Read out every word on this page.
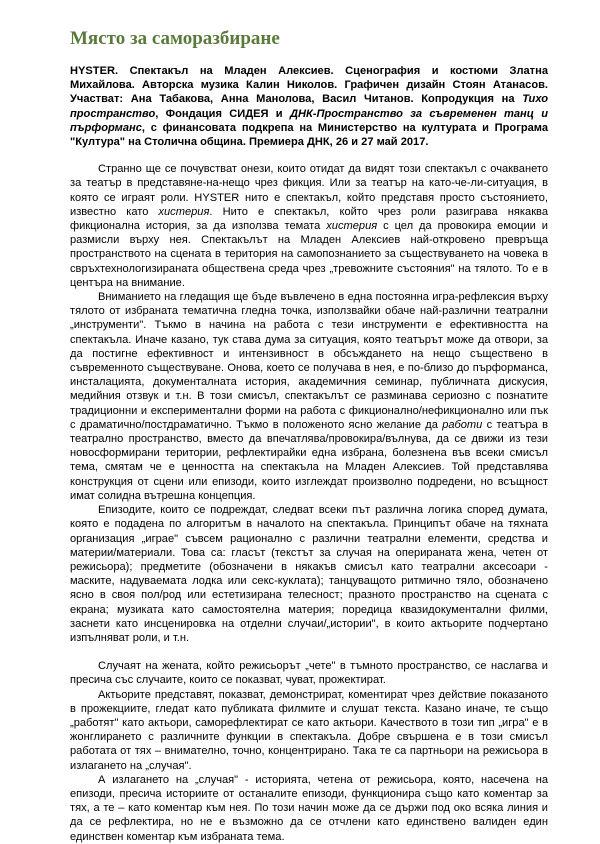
Място за саморазбиране

HYSTER. Спектакъл на Младен Алексиев. Сценография и костюми Златна Михайлова. Авторска музика Калин Николов. Графичен дизайн Стоян Атанасов. Участват: Ана Табакова, Анна Манолова, Васил Читанов. Копродукция на Тихо пространство, Фондация СИДЕЯ и ДНК-Пространство за съвременен танц и пърформанс, с финансовата подкрепа на Министерство на културата и Програма "Култура" на Столична община. Премиера ДНК, 26 и 27 май 2017.

Странно ще се почувстват онези, които отидат да видят този спектакъл с очакването за театър в представяне-на-нещо чрез фикция. Или за театър на като-че-ли-ситуация, в която се играят роли. HYSTER нито е спектакъл, който представя просто състоянието, известно като хистерия. Нито е спектакъл, който чрез роли разиграва някаква фикционална история, за да използва темата хистерия с цел да провокира емоции и размисли върху нея. Спектакълът на Младен Алексиев най-откровено превръща пространството на сцената в територия на самопознанието за съществуването на човека в свръхтехнологизираната обществена среда чрез „тревожните състояния" на тялото. То е в центъра на внимание.

Вниманието на гледащия ще бъде въвлечено в една постоянна игра-рефлексия върху тялото от избраната тематична гледна точка, използвайки обаче най-различни театрални „инструменти". Тъкмо в начина на работа с тези инструменти е ефективността на спектакъла. Иначе казано, тук става дума за ситуация, която театърът може да отвори, за да постигне ефективност и интензивност в обсъждането на нещо съществено в съвременното съществуване. Онова, което се получава в нея, е по-близо до пърформанса, инсталацията, документалната история, академичния семинар, публичната дискусия, медийния отзвук и т.н. В този смисъл, спектакълът се разминава сериозно с познатите традиционни и експериментални форми на работа с фикционално/нефикционално или пък с драматично/постдраматично. Тъкмо в положеното ясно желание да работи с театъра в театрално пространство, вместо да впечатлява/провокира/вълнува, да се движи из тези новосформирани територии, рефлектирайки една избрана, болезнена във всеки смисъл тема, смятам че е ценността на спектакъла на Младен Алексиев. Той представлява конструкция от сцени или епизоди, които изглеждат произволно подредени, но всъщност имат солидна вътрешна концепция.

Епизодите, които се подреждат, следват всеки път различна логика според думата, която е подадена по алгоритъм в началото на спектакъла. Принципът обаче на тяхната организация „играе" съвсем рационално с различни театрални елементи, средства и материи/материали. Това са: гласът (текстът за случая на оперираната жена, четен от режисьора); предметите (обозначени в някакъв смисъл като театрални аксесоари - маските, надуваемата лодка или секс-куклата); танцуващото ритмично тяло, обозначено ясно в своя пол/род или естетизирана телесност; празното пространство на сцената с екрана; музиката като самостоятелна материя; поредица квазидокументални филми, заснети като инсценировка на отделни случаи/„истории", в които актьорите подчертано изпълняват роли, и т.н.

Случаят на жената, който режисьорът „чете" в тъмното пространство, се наслагва и пресича със случаите, които се показват, чуват, прожектират.

Актьорите представят, показват, демонстрират, коментират чрез действие показаното в прожекциите, гледат като публиката филмите и слушат текста. Казано иначе, те също „работят" като актьори, саморефлектират се като актьори. Качеството в този тип „игра" е в жонглирането с различните функции в спектакъла. Добре свършена е в този смисъл работата от тях – внимателно, точно, концентрирано. Така те са партньори на режисьора в излагането на „случая".

А излагането на „случая" - историята, четена от режисьора, която, насечена на епизоди, пресича историите от останалите епизоди, функционира също като коментар за тях, а те – като коментар към нея. По този начин може да се държи под око всяка линия и да се рефлектира, но не е възможно да се отчлени като единствено валиден един единствен коментар към избраната тема.
